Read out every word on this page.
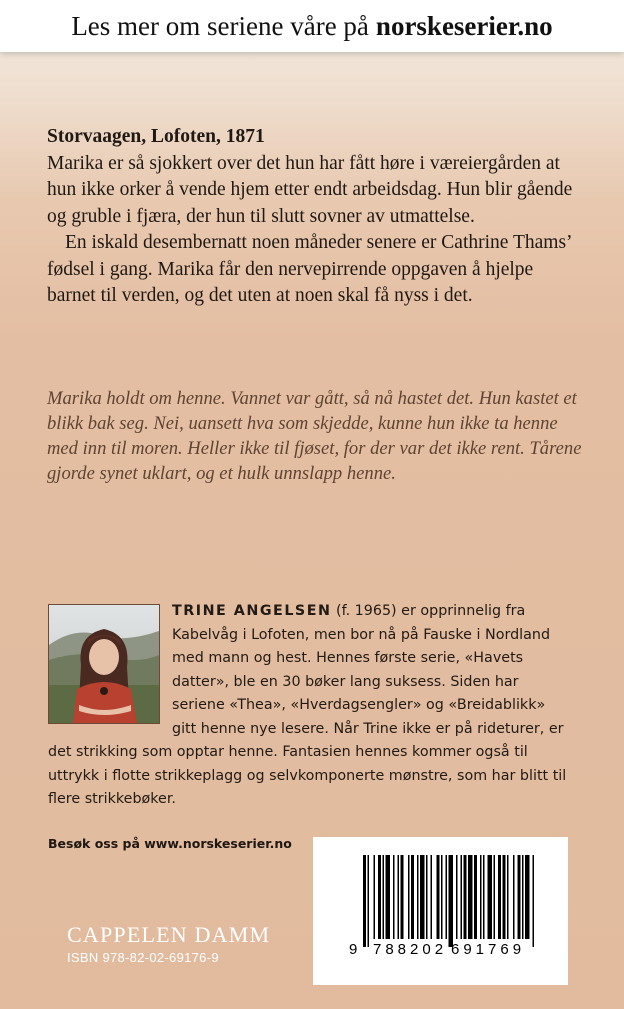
Les mer om seriene våre på norskeserier.no
Storvaagen, Lofoten, 1871

Marika er så sjokkert over det hun har fått høre i væreiergården at hun ikke orker å vende hjem etter endt arbeidsdag. Hun blir gående og gruble i fjæra, der hun til slutt sovner av utmattelse.

En iskald desembernatt noen måneder senere er Cathrine Thams’ fødsel i gang. Marika får den nervepirrende oppgaven å hjelpe barnet til verden, og det uten at noen skal få nyss i det.

Marika holdt om henne. Vannet var gått, så nå hastet det. Hun kastet et blikk bak seg. Nei, uansett hva som skjedde, kunne hun ikke ta henne med inn til moren. Heller ikke til fjøset, for der var det ikke rent. Tårene gjorde synet uklart, og et hulk unnslapp henne.
TRINE ANGELSEN (f. 1965) er opprinnelig fra Kabelvåg i Lofoten, men bor nå på Fauske i Nordland med mann og hest. Hennes første serie, «Havets datter», ble en 30 bøker lang suksess. Siden har seriene «Thea», «Hverdagsengler» og «Breidablikk» gitt henne nye lesere. Når Trine ikke er på rideturer, er det strikking som opptar henne. Fantasien hennes kommer også til uttrykk i flotte strikkeplagg og selvkomponerte mønstre, som har blitt til flere strikkebøker.
Besøk oss på www.norskeserier.no
CAPPELEN DAMM
ISBN 978-82-02-69176-9	9 788202 691769
